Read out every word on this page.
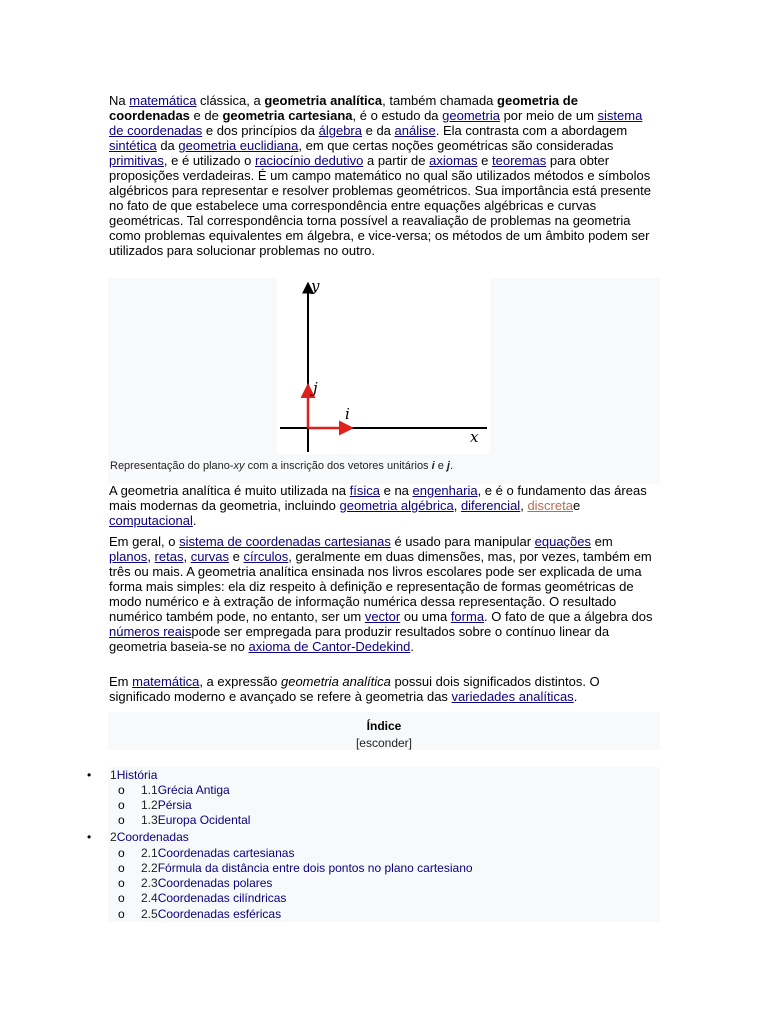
Na matemática clássica, a geometria analítica, também chamada geometria de coordenadas e de geometria cartesiana, é o estudo da geometria por meio de um sistema de coordenadas e dos princípios da álgebra e da análise. Ela contrasta com a abordagem sintética da geometria euclidiana, em que certas noções geométricas são consideradas primitivas, e é utilizado o raciocínio dedutivo a partir de axiomas e teoremas para obter proposições verdadeiras. É um campo matemático no qual são utilizados métodos e símbolos algébricos para representar e resolver problemas geométricos. Sua importância está presente no fato de que estabelece uma correspondência entre equações algébricas e curvas geométricas. Tal correspondência torna possível a reavaliação de problemas na geometria como problemas equivalentes em álgebra, e vice-versa; os métodos de um âmbito podem ser utilizados para solucionar problemas no outro.

y
x
i
j
Representação do plano-xy com a inscrição dos vetores unitários i e j.

A geometria analítica é muito utilizada na física e na engenharia, e é o fundamento das áreas mais modernas da geometria, incluindo geometria algébrica, diferencial, discretae computacional.

Em geral, o sistema de coordenadas cartesianas é usado para manipular equações em planos, retas, curvas e círculos, geralmente em duas dimensões, mas, por vezes, também em três ou mais. A geometria analítica ensinada nos livros escolares pode ser explicada de uma forma mais simples: ela diz respeito à definição e representação de formas geométricas de modo numérico e à extração de informação numérica dessa representação. O resultado numérico também pode, no entanto, ser um vector ou uma forma. O fato de que a álgebra dos números reaispode ser empregada para produzir resultados sobre o contínuo linear da geometria baseia-se no axioma de Cantor-Dedekind.

Em matemática, a expressão geometria analítica possui dois significados distintos. O significado moderno e avançado se refere à geometria das variedades analíticas.

Índice
[esconder]
• 1História
o 1.1Grécia Antiga
o 1.2Pérsia
o 1.3Europa Ocidental
• 2Coordenadas
o 2.1Coordenadas cartesianas
o 2.2Fórmula da distância entre dois pontos no plano cartesiano
o 2.3Coordenadas polares
o 2.4Coordenadas cilíndricas
o 2.5Coordenadas esféricas
